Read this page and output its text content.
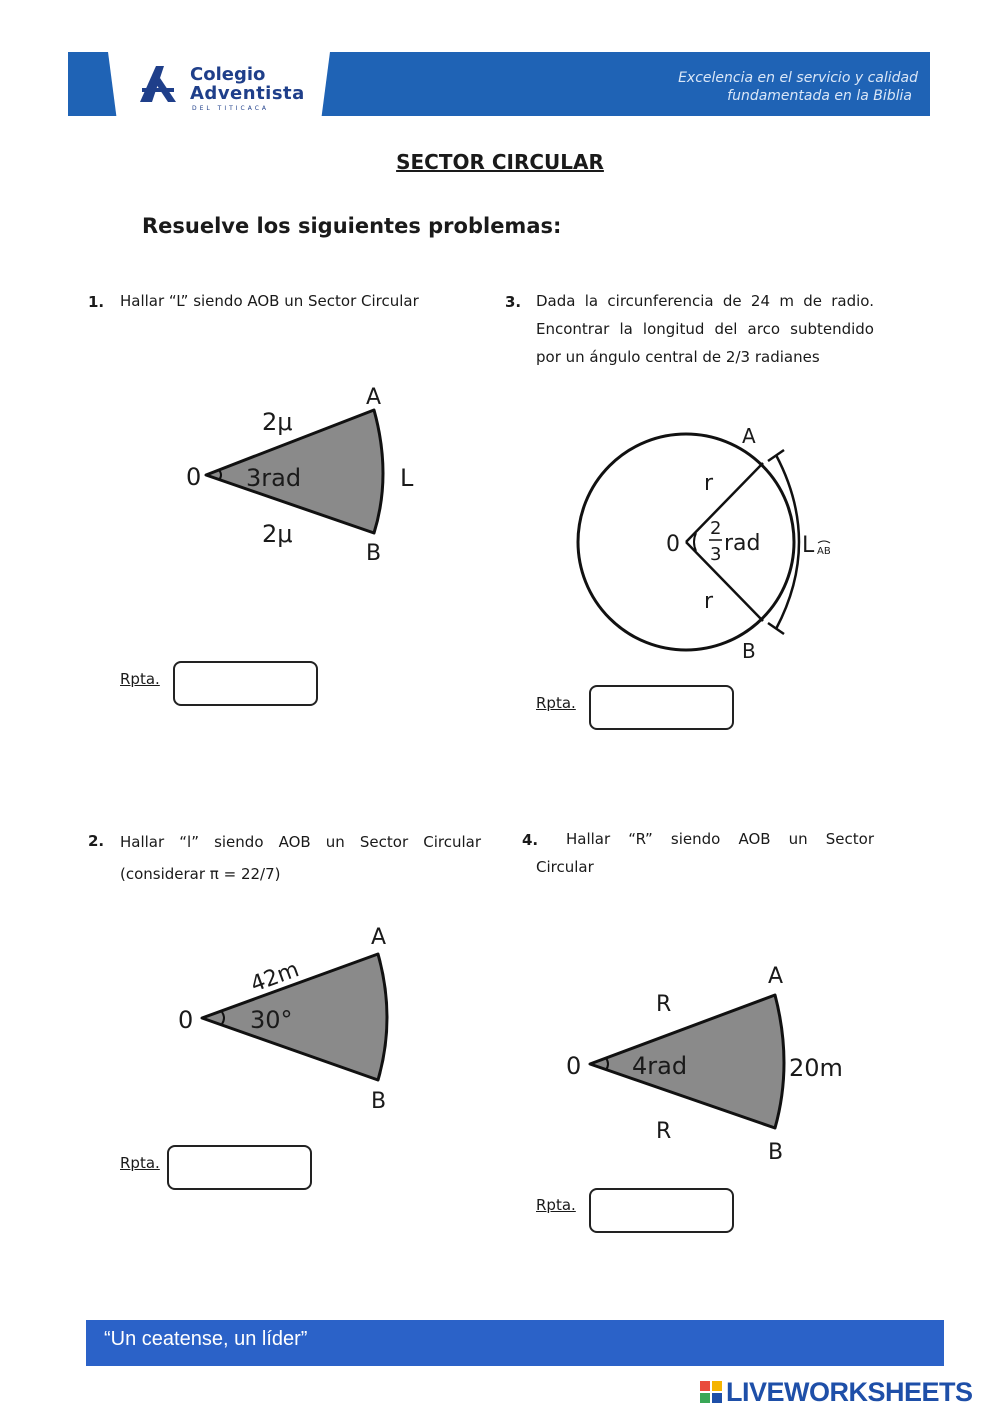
Colegio
Adventista
DEL TITICACA
Excelencia en el servicio y calidad
fundamentada en la Biblia
SECTOR CIRCULAR
Resuelve los siguientes problemas:
1. Hallar “L” siendo AOB un Sector Circular
0
A
B
2μ
2μ
3rad	L
Rpta.
3. Dada la circunferencia de 24 m de radio.
Encontrar la longitud del arco subtendido
por un ángulo central de 2/3 radianes
0
A
B
r
r
2
3 rad L AB
Rpta.
2. Hallar “l” siendo AOB un Sector Circular
(considerar π = 22/7)
0
A
B
42m
30°
Rpta.
4.	Hallar “R” siendo AOB un Sector
Circular
0
A
B
R
R
4rad	20m
Rpta.
“Un ceatense, un líder”
LIVEWORKSHEETS
